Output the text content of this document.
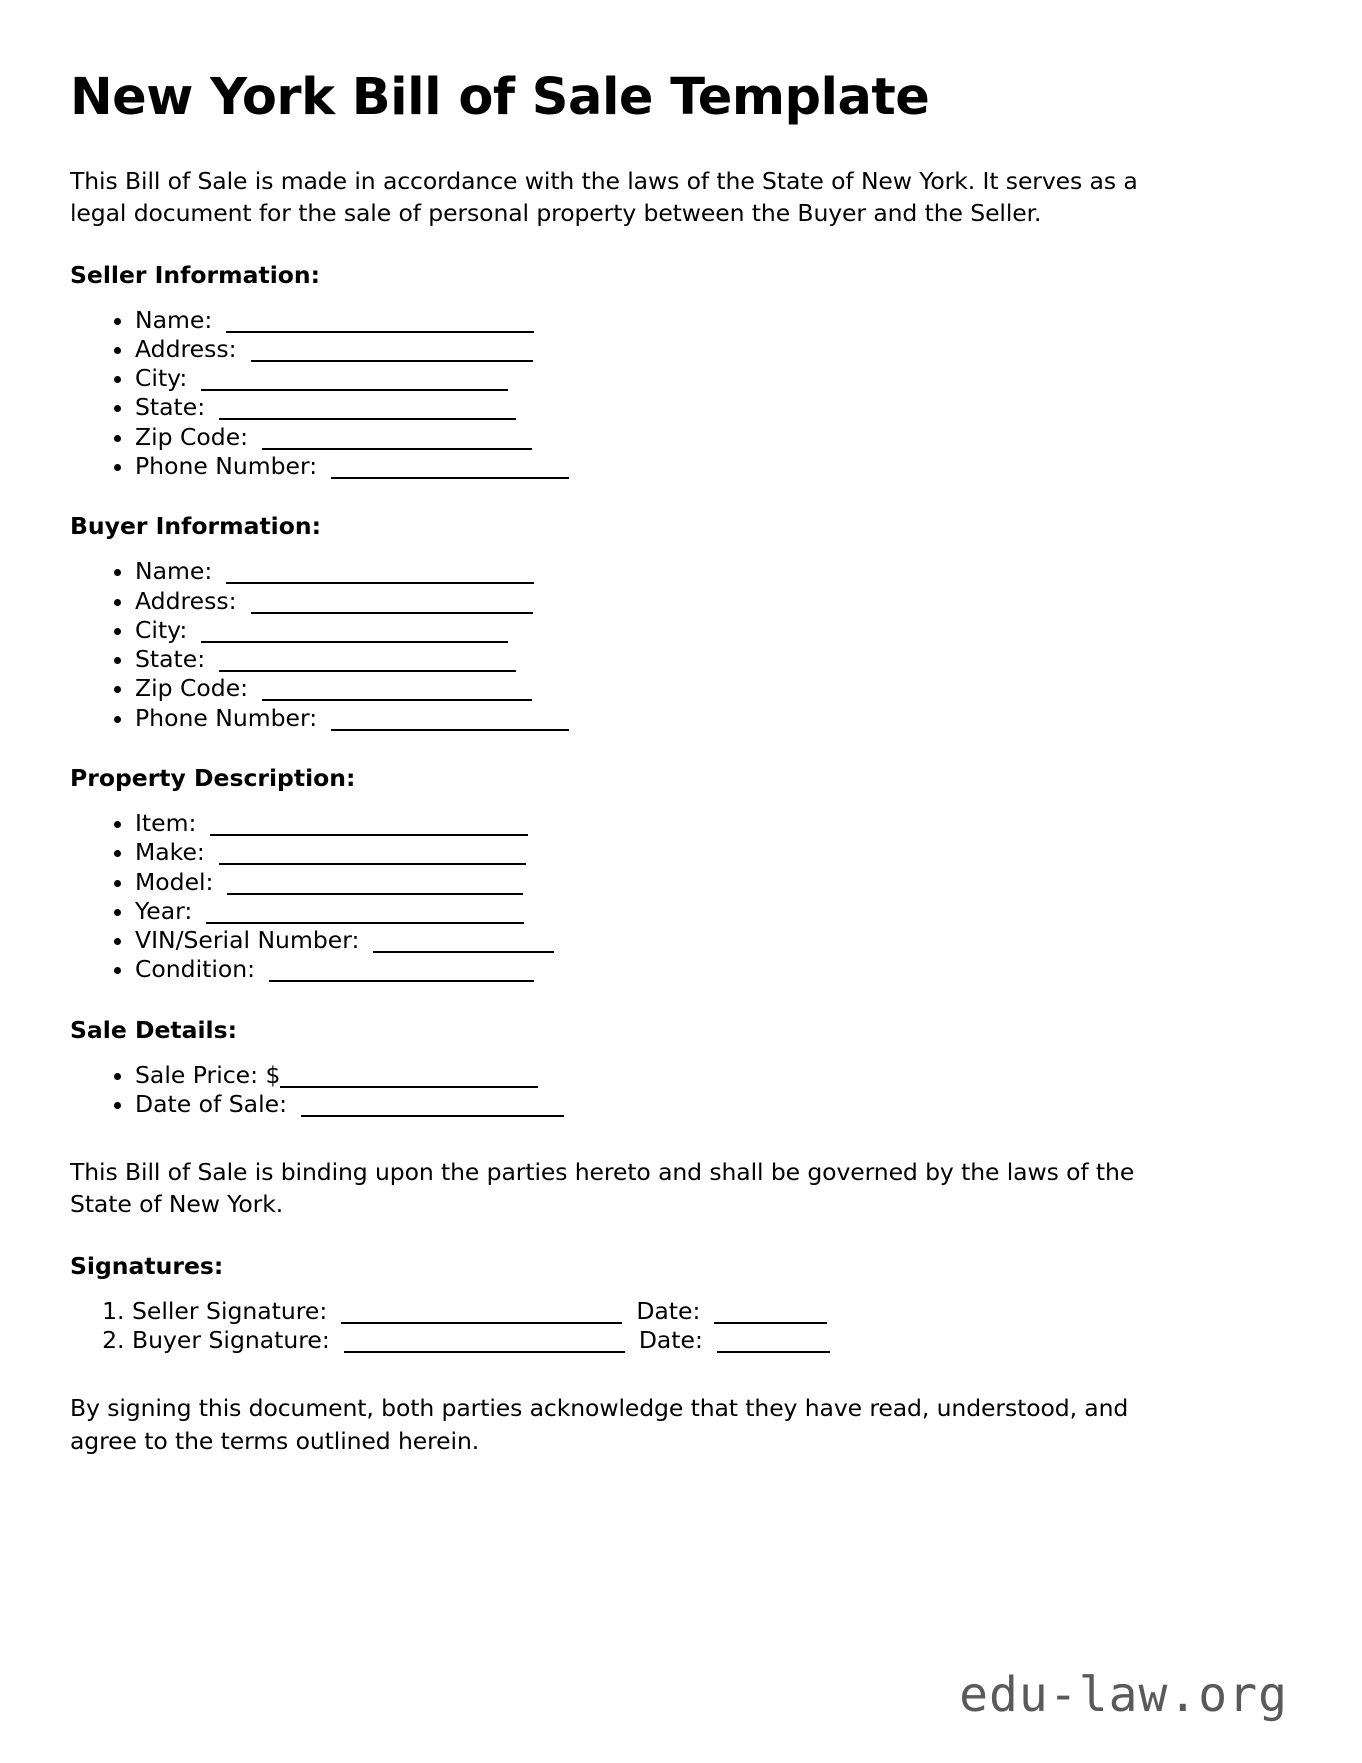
New York Bill of Sale Template

This Bill of Sale is made in accordance with the laws of the State of New York. It serves as a legal document for the sale of personal property between the Buyer and the Seller.

Seller Information:
• Name:
• Address:
• City:
• State:
• Zip Code:
• Phone Number:
Buyer Information:
• Name:
• Address:
• City:
• State:
• Zip Code:
• Phone Number:
Property Description:
• Item:
• Make:
• Model:
• Year:
• VIN/Serial Number:
• Condition:
Sale Details:
• Sale Price: $
• Date of Sale:

This Bill of Sale is binding upon the parties hereto and shall be governed by the laws of the State of New York.

Signatures:
1. Seller Signature:	Date:
2. Buyer Signature:	Date:

By signing this document, both parties acknowledge that they have read, understood, and agree to the terms outlined herein.

edu-law.org
